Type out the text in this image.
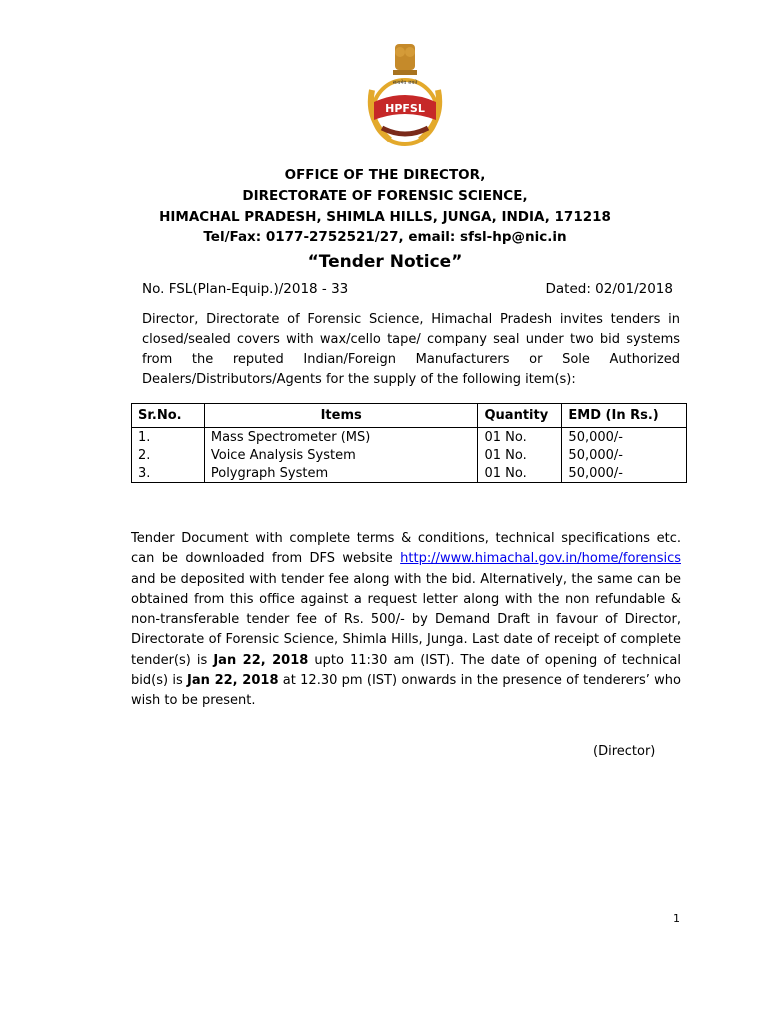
HPFSL
सत्यमेव जयते
OFFICE OF THE DIRECTOR,
DIRECTORATE OF FORENSIC SCIENCE,
HIMACHAL PRADESH, SHIMLA HILLS, JUNGA, INDIA, 171218
Tel/Fax: 0177-2752521/27, email: sfsl-hp@nic.in
“Tender Notice”
No. FSL(Plan-Equip.)/2018 - 33	Dated: 02/01/2018
Director, Directorate of Forensic Science, Himachal Pradesh invites tenders in closed/sealed covers with wax/cello tape/ company seal under two bid systems from the reputed Indian/Foreign Manufacturers or Sole Authorized Dealers/Distributors/Agents for the supply of the following item(s):
Sr.No.	Items	Quantity	EMD (In Rs.)
1.	Mass Spectrometer (MS)	01 No.	50,000/-
2.	Voice Analysis System	01 No.	50,000/-
3.	Polygraph System	01 No.	50,000/-
Tender Document with complete terms & conditions, technical specifications etc. can be downloaded from DFS website http://www.himachal.gov.in/home/forensics and be deposited with tender fee along with the bid. Alternatively, the same can be obtained from this office against a request letter along with the non refundable & non-transferable tender fee of Rs. 500/- by Demand Draft in favour of Director, Directorate of Forensic Science, Shimla Hills, Junga. Last date of receipt of complete tender(s) is Jan 22, 2018 upto 11:30 am (IST). The date of opening of technical bid(s) is Jan 22, 2018 at 12.30 pm (IST) onwards in the presence of tenderers’ who wish to be present.
(Director)
1
